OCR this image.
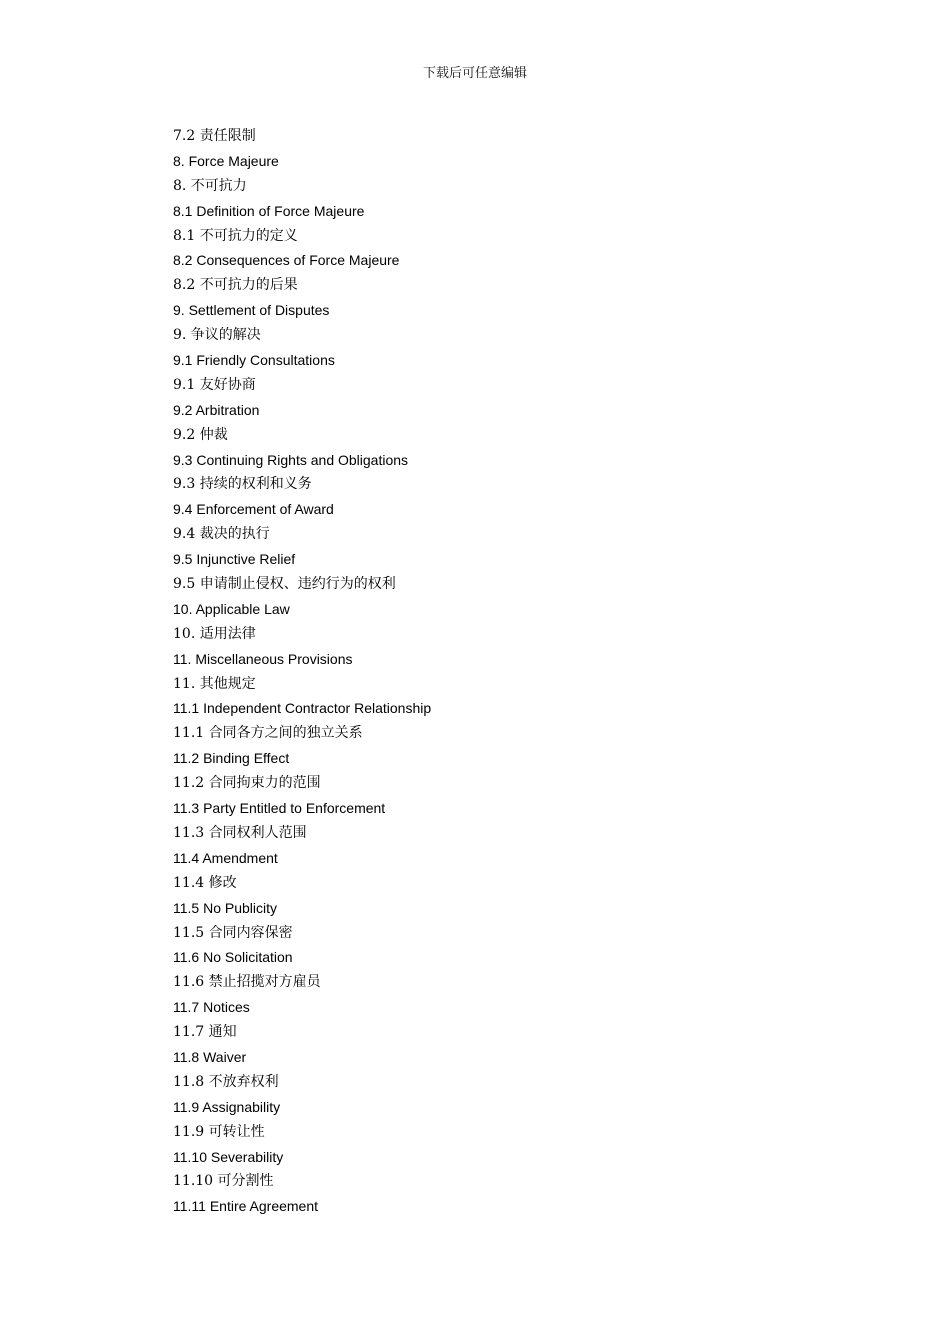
下载后可任意编辑
7.2 责任限制
8. Force Majeure
8. 不可抗力
8.1 Definition of Force Majeure
8.1 不可抗力的定义
8.2 Consequences of Force Majeure
8.2 不可抗力的后果
9. Settlement of Disputes
9. 争议的解决
9.1 Friendly Consultations
9.1 友好协商
9.2 Arbitration
9.2 仲裁
9.3 Continuing Rights and Obligations
9.3 持续的权利和义务
9.4 Enforcement of Award
9.4 裁决的执行
9.5 Injunctive Relief
9.5 申请制止侵权、违约行为的权利
10. Applicable Law
10. 适用法律
11. Miscellaneous Provisions
11. 其他规定
11.1 Independent Contractor Relationship
11.1 合同各方之间的独立关系
11.2 Binding Effect
11.2 合同拘束力的范围
11.3 Party Entitled to Enforcement
11.3 合同权利人范围
11.4 Amendment
11.4 修改
11.5 No Publicity
11.5 合同内容保密
11.6 No Solicitation
11.6 禁止招揽对方雇员
11.7 Notices
11.7 通知
11.8 Waiver
11.8 不放弃权利
11.9 Assignability
11.9 可转让性
11.10 Severability
11.10 可分割性
11.11 Entire Agreement
